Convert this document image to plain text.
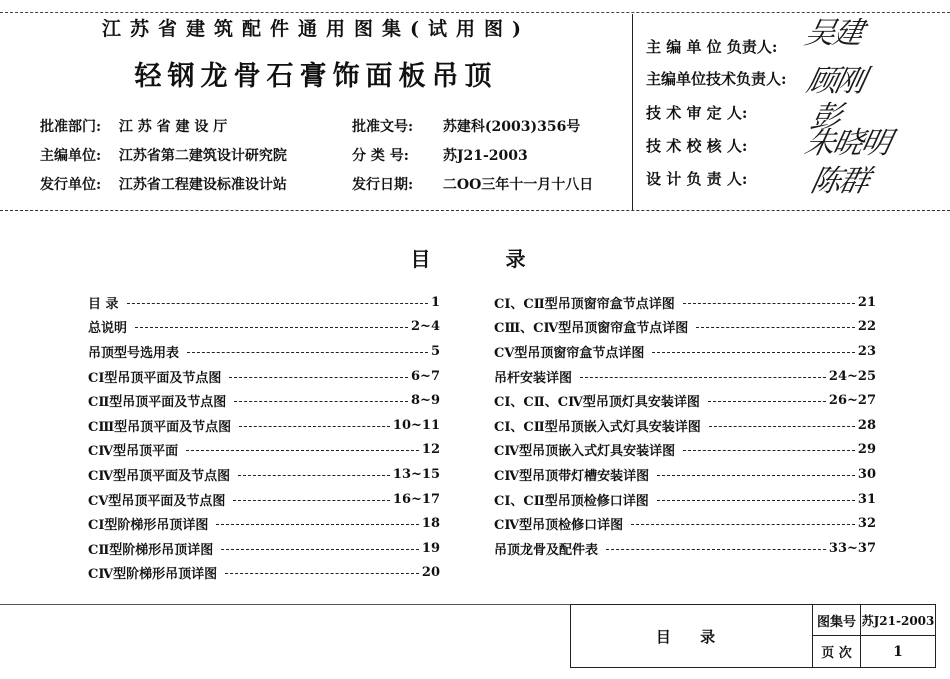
江苏省建筑配件通用图集(试用图)
轻钢龙骨石膏饰面板吊顶
批准部门: 江 苏 省 建 设 厅
主编单位: 江苏省第二建筑设计研究院
发行单位: 江苏省工程建设标准设计站
批准文号: 苏建科(2003)356号
分 类 号: 苏J21-2003
发行日期: 二OO三年十一月十八日
主 编 单 位 负责人: 吴建
主编单位技术负责人: 顾刚
技 术 审 定 人:	彭
技 术 校 核 人:	朱晓明
设 计 负 责 人:	陈群
目 录
目 录	1
总说明	2~4
吊顶型号选用表	5
CⅠ型吊顶平面及节点图	6~7
CⅡ型吊顶平面及节点图	8~9
CⅢ型吊顶平面及节点图	10~11
CⅣ型吊顶平面	12
CⅣ型吊顶平面及节点图	13~15
CⅤ型吊顶平面及节点图	16~17
CⅠ型阶梯形吊顶详图	18
CⅡ型阶梯形吊顶详图	19
CⅣ型阶梯形吊顶详图	20
CⅠ、CⅡ型吊顶窗帘盒节点详图	21
CⅢ、CⅣ型吊顶窗帘盒节点详图	22
CⅤ型吊顶窗帘盒节点详图	23
吊杆安装详图	24~25
CⅠ、CⅡ、CⅣ型吊顶灯具安装详图	26~27
CⅠ、CⅡ型吊顶嵌入式灯具安装详图	28
CⅣ型吊顶嵌入式灯具安装详图	29
CⅣ型吊顶带灯槽安装详图	30
CⅠ、CⅡ型吊顶检修口详图	31
CⅣ型吊顶检修口详图	32
吊顶龙骨及配件表	33~37
目 录
图集号 苏J21-2003
页 次	1
